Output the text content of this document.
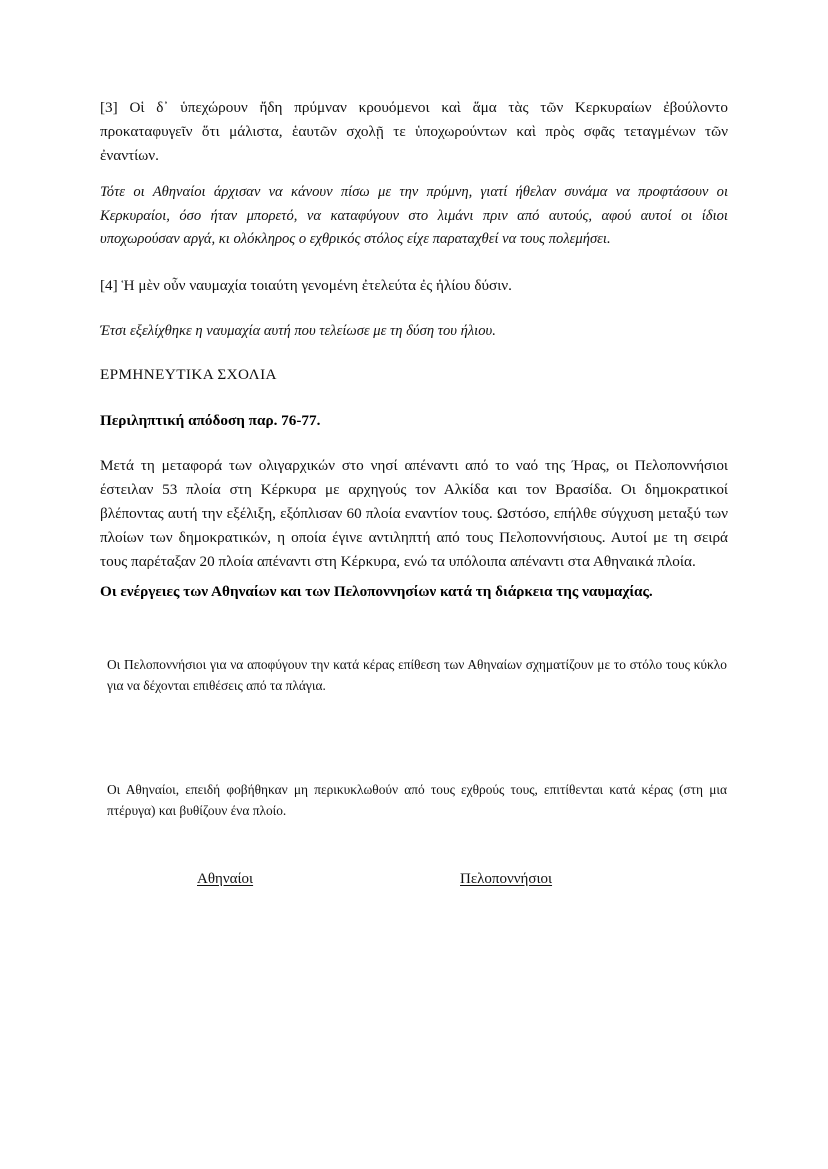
[3] Οἱ δ᾽ ὑπεχώρουν ἤδη πρύμναν κρουόμενοι καὶ ἅμα τὰς τῶν Κερκυραίων ἐβούλοντο προκαταφυγεῖν ὅτι μάλιστα, ἑαυτῶν σχολῇ τε ὑποχωρούντων καὶ πρὸς σφᾶς τεταγμένων τῶν ἐναντίων.

Τότε οι Αθηναίοι άρχισαν να κάνουν πίσω με την πρύμνη, γιατί ήθελαν συνάμα να προφτάσουν οι Κερκυραίοι, όσο ήταν μπορετό, να καταφύγουν στο λιμάνι πριν από αυτούς, αφού αυτοί οι ίδιοι υποχωρούσαν αργά, κι ολόκληρος ο εχθρικός στόλος είχε παραταχθεί να τους πολεμήσει.

[4] Ἡ μὲν οὖν ναυμαχία τοιαύτη γενομένη ἐτελεύτα ἐς ἡλίου δύσιν.

Έτσι εξελίχθηκε η ναυμαχία αυτή που τελείωσε με τη δύση του ήλιου.

ΕΡΜΗΝΕΥΤΙΚΑ ΣΧΟΛΙΑ

Περιληπτική απόδοση παρ. 76-77.

Μετά τη μεταφορά των ολιγαρχικών στο νησί απέναντι από το ναό της Ήρας, οι Πελοποννήσιοι έστειλαν 53 πλοία στη Κέρκυρα με αρχηγούς τον Αλκίδα και τον Βρασίδα. Οι δημοκρατικοί βλέποντας αυτή την εξέλιξη, εξόπλισαν 60 πλοία εναντίον τους. Ωστόσο, επήλθε σύγχυση μεταξύ των πλοίων των δημοκρατικών, η οποία έγινε αντιληπτή από τους Πελοποννήσιους. Αυτοί με τη σειρά τους παρέταξαν 20 πλοία απέναντι στη Κέρκυρα, ενώ τα υπόλοιπα απέναντι στα Αθηναικά πλοία.

Οι ενέργειες των Αθηναίων και των Πελοποννησίων κατά τη διάρκεια της ναυμαχίας.

Οι Πελοποννήσιοι για να αποφύγουν την κατά κέρας επίθεση των Αθηναίων σχηματίζουν με το στόλο τους κύκλο για να δέχονται επιθέσεις από τα πλάγια.

Οι Αθηναίοι, επειδή φοβήθηκαν μη περικυκλωθούν από τους εχθρούς τους, επιτίθενται κατά κέρας (στη μια πτέρυγα) και βυθίζουν ένα πλοίο.

Αθηναίοι	Πελοποννήσιοι
